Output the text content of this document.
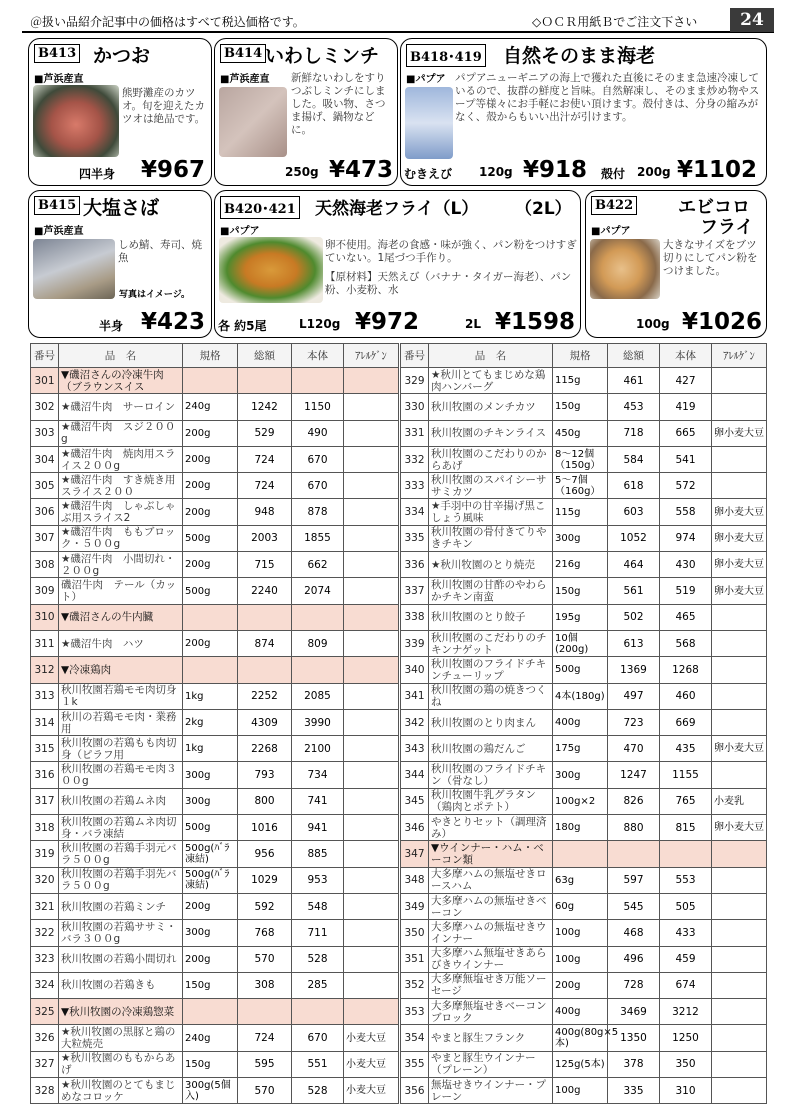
＠扱い品紹介記事中の価格はすべて税込価格です。	◇ＯＣＲ用紙Ｂでご注文下さい	24
B413 かつお
■芦浜産直
熊野灘産のカツオ。旬を迎えたカツオは絶品です。
四半身 ¥967
B414 いわしミンチ
■芦浜産直 新鮮ないわしをすりつぶしミンチにしました。吸い物、さつま揚げ、鍋物などに。
250g ¥473
B418･419 自然そのまま海老
■パプア パプアニューギニアの海上で獲れた直後にそのまま急速冷凍しているので、抜群の鮮度と旨味。自然解凍し、そのまま炒め物やスープ等様々にお手軽にお使い頂けます。殻付きは、分身の縮みがなく、殻からもいい出汁が引けます。
むきえび 120g ¥918 殻付 200g ¥1102
B415 大塩さば
■芦浜産直
しめ鯖、寿司、焼魚
写真はイメージ。
半身 ¥423
B420･421 天然海老フライ（L） （2L）
■パプア
卵不使用。海老の食感・味が強く、パン粉をつけすぎていない。1尾づつ手作り。
【原材料】天然えび（バナナ・タイガー海老）、パン粉、小麦粉、水
各 約5尾	L120g ¥972	2L ¥1598
B422 エビコロ
フライ
■パプア
大きなサイズをブツ切りにしてパン粉をつけました。
100g ¥1026
番号	品　名	規格	総額	本体	ｱﾚﾙｹﾞﾝ
301	▼磯沼さんの冷凍牛肉（ブラウンスイス				
302	★磯沼牛肉　サーロイン	240g	1242	1150	
303	★磯沼牛肉　スジ２００g	200g	529	490	
304	★磯沼牛肉　焼肉用スライス２００g	200g	724	670	
305	★磯沼牛肉　すき焼き用スライス２００	200g	724	670	
306	★磯沼牛肉　しゃぶしゃぶ用スライス2	200g	948	878	
307	★磯沼牛肉　ももブロック・５００g	500g	2003	1855	
308	★磯沼牛肉　小間切れ・２００g	200g	715	662	
309	磯沼牛肉　テール（カット）	500g	2240	2074	
310	▼磯沼さんの牛内臓				
311	★磯沼牛肉　ハツ	200g	874	809	
312	▼冷凍鶏肉				
313	秋川牧園若鶏モモ肉切身１k	1kg	2252	2085	
314	秋川の若鶏モモ肉・業務用	2kg	4309	3990	
315	秋川牧園の若鶏もも肉切身（ピラフ用	1kg	2268	2100	
316	秋川牧園の若鶏モモ肉３００g	300g	793	734	
317	秋川牧園の若鶏ムネ肉	300g	800	741	
318	秋川牧園の若鶏ムネ肉切身・バラ凍結	500g	1016	941	
319	秋川牧園の若鶏手羽元バラ５００g	500g(ﾊﾞﾗ凍結)	956	885	
320	秋川牧園の若鶏手羽先バラ５００g	500g(ﾊﾞﾗ凍結)	1029	953	
321	秋川牧園の若鶏ミンチ	200g	592	548	
322	秋川牧園の若鶏ササミ・バラ３００g	300g	768	711	
323	秋川牧園の若鶏小間切れ	200g	570	528	
324	秋川牧園の若鶏きも	150g	308	285	
325	▼秋川牧園の冷凍鶏惣菜				
326	★秋川牧園の黒豚と鶏の大粒焼売	240g	724	670	小麦大豆
327	★秋川牧園のももからあげ	150g	595	551	小麦大豆
328	★秋川牧園のとてもまじめなコロッケ	300g(5個入)	570	528	小麦大豆
番号	品　名	規格	総額	本体	ｱﾚﾙｹﾞﾝ
329	★秋川とてもまじめな鶏肉ハンバーグ	115g	461	427	
330	秋川牧園のメンチカツ	150g	453	419	
331	秋川牧園のチキンライス	450g	718	665	卵小麦大豆
332	秋川牧園のこだわりのからあげ	8～12個（150g）	584	541	
333	秋川牧園のスパイシーササミカツ	5～7個（160g）	618	572	
334	★手羽中の甘辛揚げ黒こしょう風味	115g	603	558	卵小麦大豆
335	秋川牧園の骨付きてりやきチキン	300g	1052	974	卵小麦大豆
336	★秋川牧園のとり焼売	216g	464	430	卵小麦大豆
337	秋川牧園の甘酢のやわらかチキン南蛮	150g	561	519	卵小麦大豆
338	秋川牧園のとり餃子	195g	502	465	
339	秋川牧園のこだわりのチキンナゲット	10個(200g)	613	568	
340	秋川牧園のフライドチキンチューリップ	500g	1369	1268	
341	秋川牧園の鶏の焼きつくね	4本(180g)	497	460	
342	秋川牧園のとり肉まん	400g	723	669	
343	秋川牧園の鶏だんご	175g	470	435	卵小麦大豆
344	秋川牧園のフライドチキン（骨なし）	300g	1247	1155	
345	秋川牧園牛乳グラタン（鶏肉とポテト）	100g×2	826	765	小麦乳
346	やきとりセット（調理済み）	180g	880	815	卵小麦大豆
347	▼ウインナー・ハム・ベーコン類				
348	大多摩ハムの無塩せきロースハム	63g	597	553	
349	大多摩ハムの無塩せきベーコン	60g	545	505	
350	大多摩ハムの無塩せきウインナー	100g	468	433	
351	大多摩ハム無塩せきあらびきウインナー	100g	496	459	
352	大多摩無塩せき万能ソーセージ	200g	728	674	
353	大多摩無塩せきベーコンブロック	400g	3469	3212	
354	やまと豚生フランク	400g(80g×5本)	1350	1250	
355	やまと豚生ウインナー（プレーン）	125g(5本)	378	350	
356	無塩せきウインナー・プレーン	100g	335	310	
